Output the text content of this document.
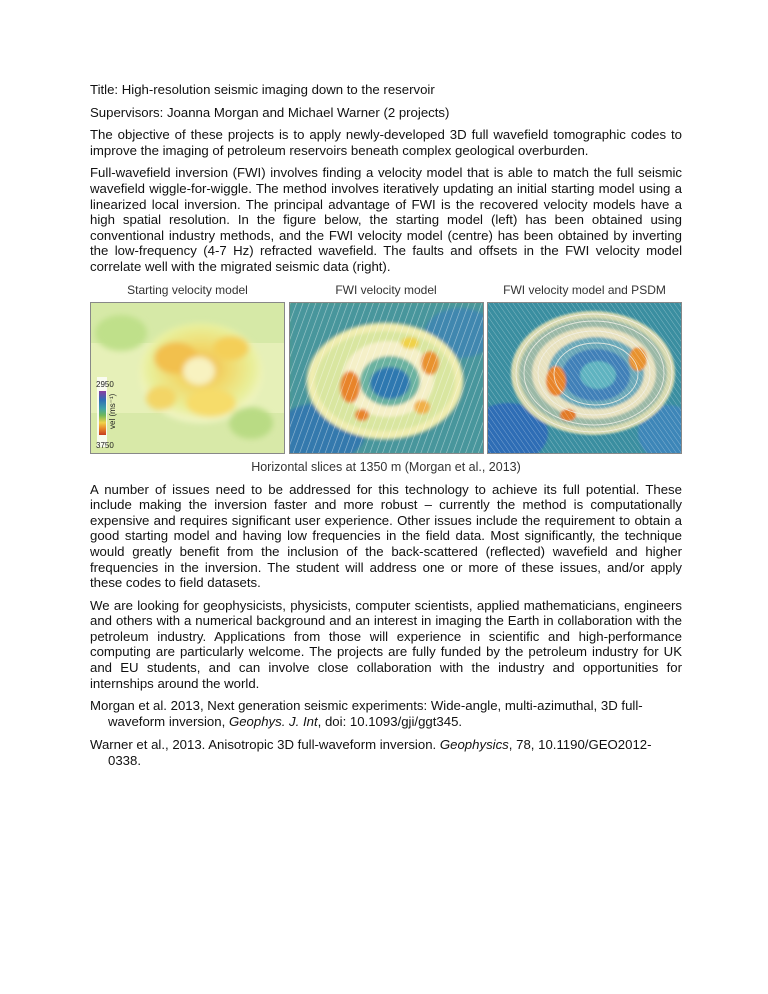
Title: High-resolution seismic imaging down to the reservoir

Supervisors: Joanna Morgan and Michael Warner (2 projects)

The objective of these projects is to apply newly-developed 3D full wavefield tomographic codes to improve the imaging of petroleum reservoirs beneath complex geological overburden.

Full-wavefield inversion (FWI) involves finding a velocity model that is able to match the full seismic wavefield wiggle-for-wiggle. The method involves iteratively updating an initial starting model using a linearized local inversion. The principal advantage of FWI is the recovered velocity models have a high spatial resolution. In the figure below, the starting model (left) has been obtained using conventional industry methods, and the FWI velocity model (centre) has been obtained by inverting the low-frequency (4-7 Hz) refracted wavefield. The faults and offsets in the FWI velocity model correlate well with the migrated seismic data (right).

Starting velocity model	FWI velocity model	FWI velocity model and PSDM
2950
3750
vel (ms⁻¹)
Horizontal slices at 1350 m (Morgan et al., 2013)

A number of issues need to be addressed for this technology to achieve its full potential. These include making the inversion faster and more robust – currently the method is computationally expensive and requires significant user experience. Other issues include the requirement to obtain a good starting model and having low frequencies in the field data. Most significantly, the technique would greatly benefit from the inclusion of the back-scattered (reflected) wavefield and higher frequencies in the inversion. The student will address one or more of these issues, and/or apply these codes to field datasets.

We are looking for geophysicists, physicists, computer scientists, applied mathematicians, engineers and others with a numerical background and an interest in imaging the Earth in collaboration with the petroleum industry. Applications from those will experience in scientific and high-performance computing are particularly welcome. The projects are fully funded by the petroleum industry for UK and EU students, and can involve close collaboration with the industry and opportunities for internships around the world.

Morgan et al. 2013, Next generation seismic experiments: Wide-angle, multi-azimuthal, 3D full-waveform inversion, Geophys. J. Int, doi: 10.1093/gji/ggt345.

Warner et al., 2013. Anisotropic 3D full-waveform inversion. Geophysics, 78, 10.1190/GEO2012-0338.
